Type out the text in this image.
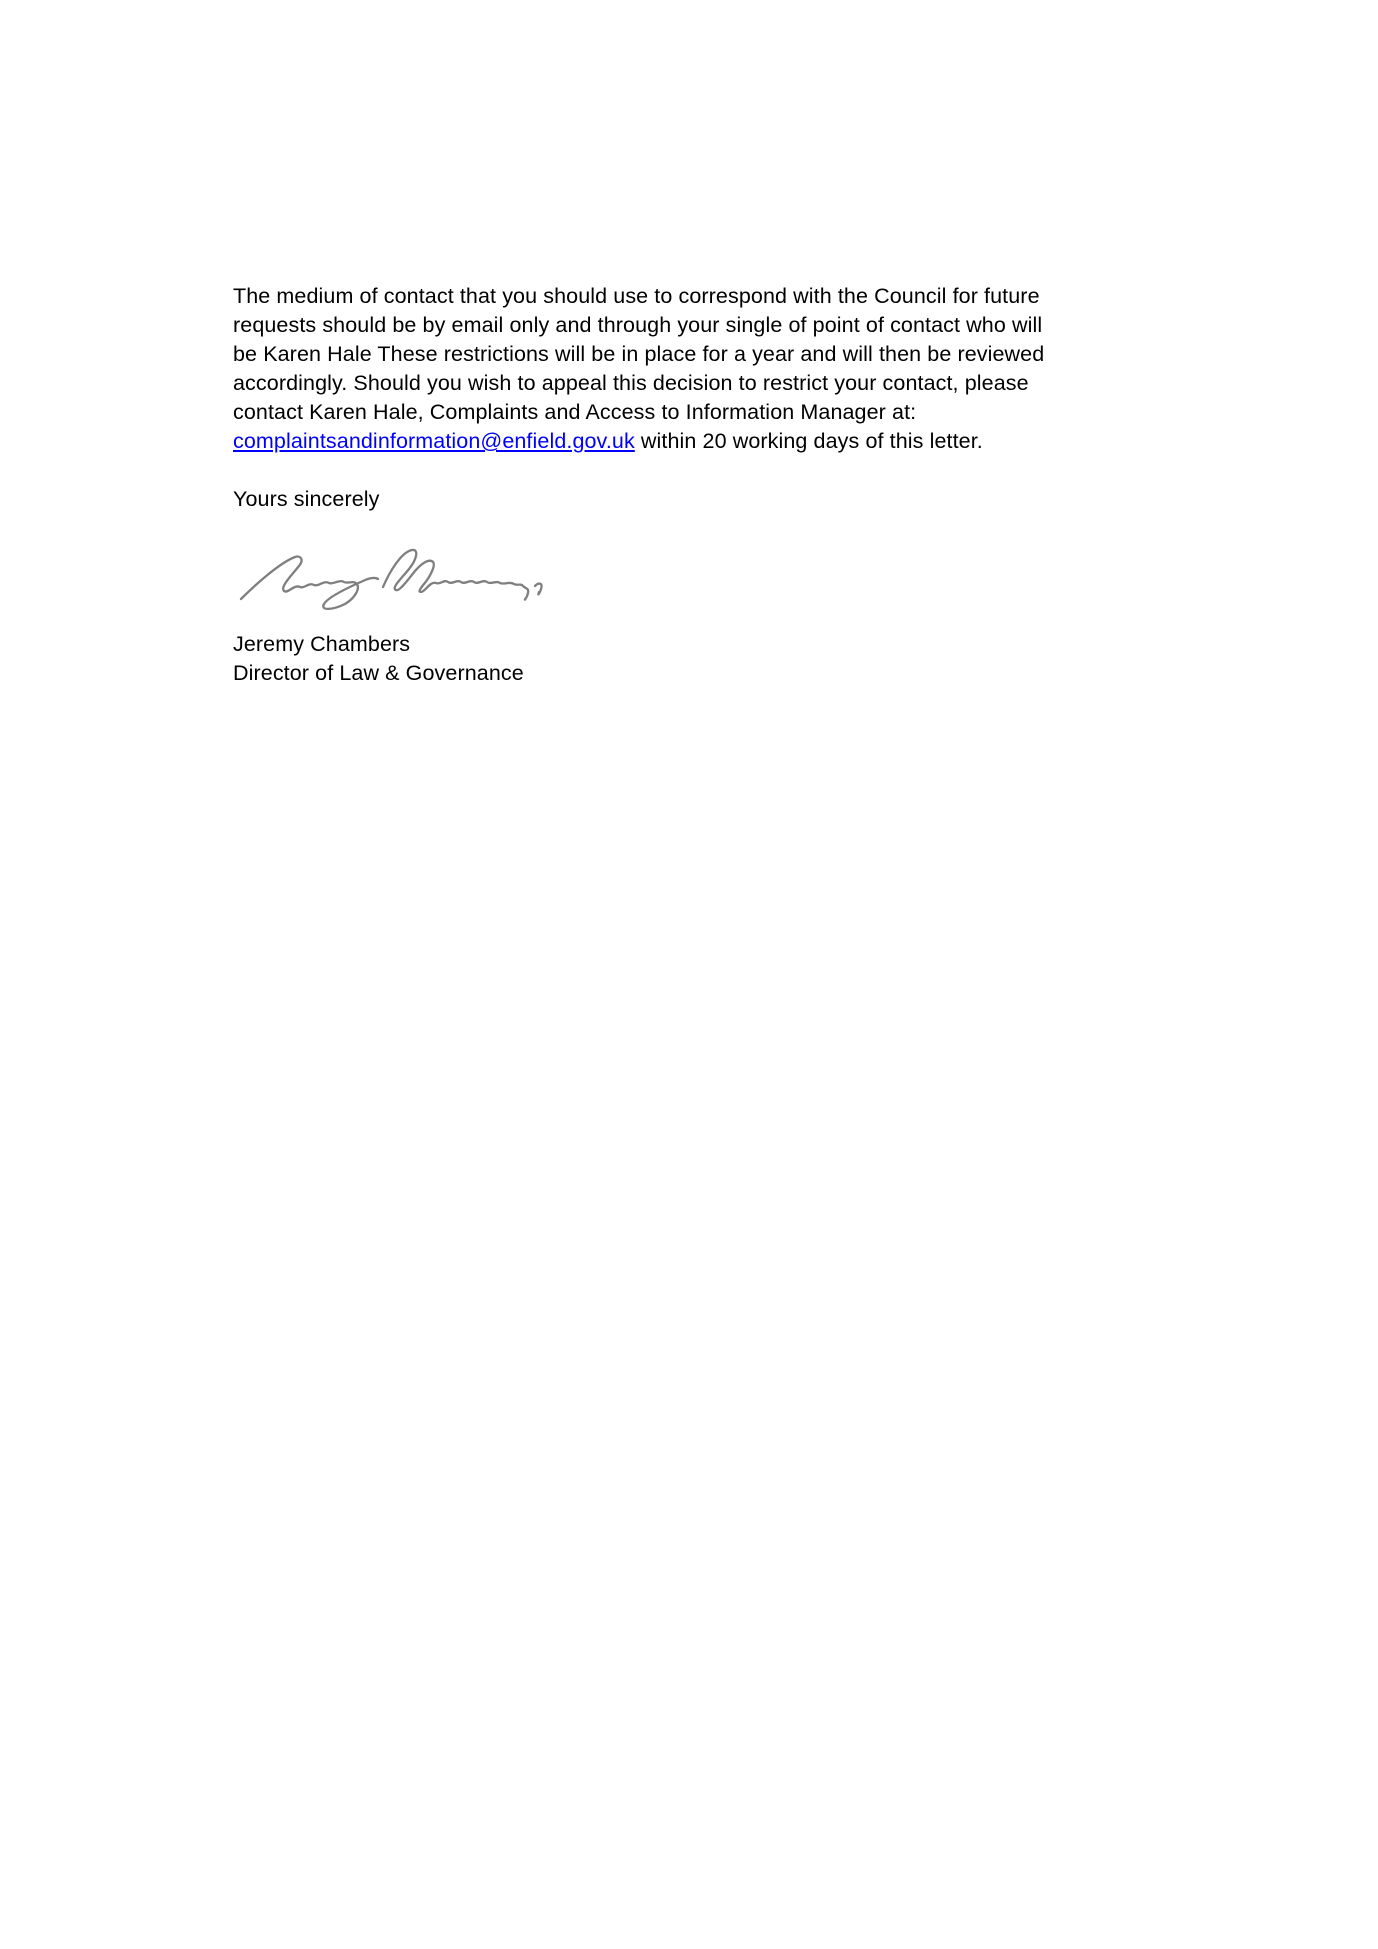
The medium of contact that you should use to correspond with the Council for future
requests should be by email only and through your single of point of contact who will
be Karen Hale These restrictions will be in place for a year and will then be reviewed
accordingly. Should you wish to appeal this decision to restrict your contact, please
contact Karen Hale, Complaints and Access to Information Manager at:
complaintsandinformation@enfield.gov.uk within 20 working days of this letter.
Yours sincerely
Jeremy Chambers
Director of Law & Governance
